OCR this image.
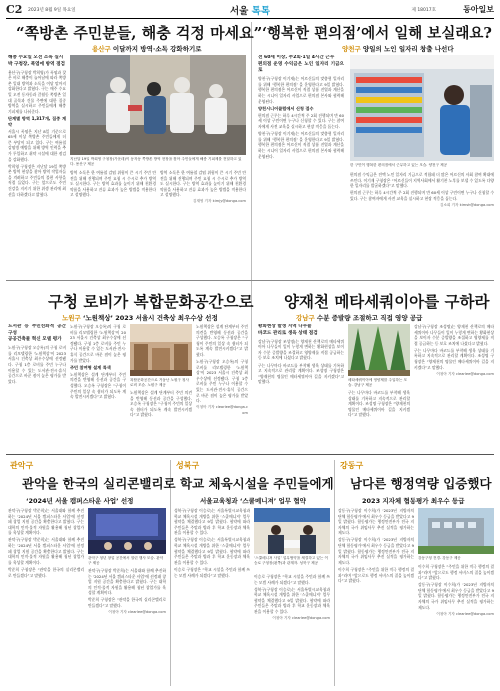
C2 2023년 8월 9일 목요일	서울 톡톡	제 18017호	동아일보
“쪽방촌 주민분들, 해충 걱정 마세요”
용산구 이달까지 방역·소독 강화하기로

해충 수요일 오전 소독 실시
박 구청장, 폭염에 방역 점검

용산구(구청장 박희영)가 폭염과 잦은 비로 해충이 늘어남에 따라 쪽방촌 일대 방역과 소독을 이달 말까지 강화한다고 밝혔다. 구는 매주 수요일 오전 동자동과 갈월동 쪽방촌 일대 골목과 건물 주변에 대한 집중 방역을 실시하고 주민들에게 해충 기피제를 나눠준다.

단계별 방역 1,317개, 집중 계약

서울시 폭염은 지난 8일 기준으로 65세 이상 쪽방촌 주민들에게 더 큰 부담이 되고 있다. 구는 여름철 감염병 예방을 위해 방역 인력을 추가 투입하고 취약 시설에 대한 점검을 강화했다.

박희영 구청장은 지난달 19일 쪽방촌 방역 현장을 찾아 방역 작업자들을 격려하고 주민들의 불편 사항을 직접 들었다. 구는 앞으로도 주민 건강을 지키기 위한 위생 관리에 최선을 다하겠다고 밝혔다.

지난달 19일 박희영 구청장(가운데)이 동자동 쪽방촌 방역 현장을 찾아 주민들에게 해충 기피제를 전달하고 있다. 용산구 제공

방역 소독은 한 여름철 감염 위험이 큰 시기 주민 안전을 위해 진행되며 주민 요청 시 수시로 추가 방역도 실시한다. 구는 방역 효과를 높이기 위해 친환경 약품을 사용하고 잔류 효과가 높은 방법을 적용한다고 설명했다.

방역 소독은 한 여름철 감염 위험이 큰 시기 주민 안전을 위해 진행되며 주민 요청 시 수시로 추가 방역도 실시한다. 구는 방역 효과를 높이기 위해 친환경 약품을 사용하고 잔류 효과가 높은 방법을 적용한다고 설명했다.

김재영 기자 kimjy@donga.com

‘행복한 편의점’에서 일해 보실래요?
양천구 양일의 노인 일자리 창출 나선다

전 60세 이상, 주2회·1일 4시간 근무
편의점 운영 수익금은 노인 일자리 기금으로

양천구(구청장 이기재)는 어르신들의 맞춤형 일자리를 위해 ‘행복한 편의점’ 을 운영한다고 9일 밝혔다. 행복한 편의점은 어르신이 직접 상품 진열과 계산을 하는 시니어 일자리 사업으로 편의점 본사와 협력해 운영된다.

양천시니어클럽에서 신청 접수

편의점 근무는 하루 4시간씩 주 2회 진행되며 만 60세 이상 구민이면 누구나 신청할 수 있다. 구는 참여자에게 사전 교육을 실시하고 현장 적응을 돕는다.

양천구(구청장 이기재)는 어르신들의 맞춤형 일자리를 위해 ‘행복한 편의점’ 을 운영한다고 9일 밝혔다. 행복한 편의점은 어르신이 직접 상품 진열과 계산을 하는 시니어 일자리 사업으로 편의점 본사와 협력해 운영된다.

한 구민이 행복한 편의점에서 근무하고 있는 모습. 양천구 제공

편의점 수익금은 전액 노인 일자리 기금으로 적립돼 더 많은 어르신의 사회 참여 확대에 쓰인다. 이기재 구청장은 “어르신들이 지역사회에서 활기찬 노후를 보낼 수 있도록 다양한 일자리를 발굴하겠다”고 말했다.

편의점 근무는 하루 4시간씩 주 2회 진행되며 만 60세 이상 구민이면 누구나 신청할 수 있다. 구는 참여자에게 사전 교육을 실시하고 현장 적응을 돕는다.

김소희 기자 kimsh@donga.com

구청 로비가 복합문화공간으로
노원구 ‘노원책상’ 2023 서울시 건축상 최우수상 선정

드서관 등 주민친화적 공간 구성
공공건축물 혁신 모델 평가

노원구(구청장 오승록)의 구청 로비를 리모델링한 ‘노원책상’이 2023 서울시 건축상 최우수상에 선정됐다. 구청 1층 로비를 주민 누구나 이용할 수 있는 도서관·전시·휴식 공간으로 바꾼 점이 높은 평가를 받았다.

노원구(구청장 오승록)의 구청 로비를 리모델링한 ‘노원책상’이 2023 서울시 건축상 최우수상에 선정됐다. 구청 1층 로비를 주민 누구나 이용할 수 있는 도서관·전시·휴식 공간으로 바꾼 점이 높은 평가를 받았다.

주민 참여형 설계 특색

노원책상은 설계 단계부터 주민 의견을 반영해 동선과 공간을 구성했다. 오승록 구청장은 “구청이 주민의 일상 속 쉼터가 되도록 계속 발전시키겠다”고 밝혔다.

복합문화공간으로 거듭난 노원구 청사 로비 모습. 노원구 제공

노원책상은 설계 단계부터 주민 의견을 반영해 동선과 공간을 구성했다. 오승록 구청장은 “구청이 주민의 일상 속 쉼터가 되도록 계속 발전시키겠다”고 밝혔다.

노원구(구청장 오승록)의 구청 로비를 리모델링한 ‘노원책상’이 2023 서울시 건축상 최우수상에 선정됐다. 구청 1층 로비를 주민 누구나 이용할 수 있는 도서관·전시·휴식 공간으로 바꾼 점이 높은 평가를 받았다.

이청아 기자 clearlee@donga.com

노원책상은 설계 단계부터 주민 의견을 반영해 동선과 공간을 구성했다. 오승록 구청장은 “구청이 주민의 일상 속 쉼터가 되도록 계속 발전시키겠다”고 밝혔다.

양재천 메타세쿼이아를 구하라
강남구 수분 증발량 조절하고 직접 영양 공급

황화현상 발생 지역 나무들
바코드 관리로 생육 상태 점검

강남구(구청장 조성명)는 양재천 산책로의 메타세쿼이아 나무들이 잎이 누렇게 변하는 황화현상을 보이자 수분 증발량을 조절하고 영양제를 직접 공급하는 등 보호 조치에 나섰다고 밝혔다.

구는 나무마다 바코드를 부착해 생육 상태를 기록하고 지속적으로 관리할 계획이다. 조성명 구청장은 “양재천의 명물인 메타세쿼이아 길을 지키겠다”고 말했다.	메타세쿼이아에 영양제를 주입하는 모습. 강남구 제공

구는 나무마다 바코드를 부착해 생육 상태를 기록하고 지속적으로 관리할 계획이다. 조성명 구청장은 “양재천의 명물인 메타세쿼이아 길을 지키겠다”고 말했다.

강남구(구청장 조성명)는 양재천 산책로의 메타세쿼이아 나무들이 잎이 누렇게 변하는 황화현상을 보이자 수분 증발량을 조절하고 영양제를 직접 공급하는 등 보호 조치에 나섰다고 밝혔다.

구는 나무마다 바코드를 부착해 생육 상태를 기록하고 지속적으로 관리할 계획이다. 조성명 구청장은 “양재천의 명물인 메타세쿼이아 길을 지키겠다”고 말했다.

이청아 기자 clearlee@donga.com

관악구
관악을 한국의 실리콘밸리로
‘2024년 서울 캠퍼스타운 사업’ 선정

관악구(구청장 박준희)는 서울대와 함께 추진하는 ‘2024년 서울 캠퍼스타운 사업’에 선정돼 창업 지원 공간을 확충한다고 밝혔다. 구는 대학의 인적·물적 자원을 활용해 청년 창업가를 육성할 계획이다.

관악구(구청장 박준희)는 서울대와 함께 추진하는 ‘2024년 서울 캠퍼스타운 사업’에 선정돼 창업 지원 공간을 확충한다고 밝혔다. 구는 대학의 인적·물적 자원을 활용해 청년 창업가를 육성할 계획이다.

박준희 구청장은 “관악을 한국의 실리콘밸리로 만들겠다”고 말했다.

관악구 청년 창업 공간에서 열린 행사 모습. 관악구 제공

관악구(구청장 박준희)는 서울대와 함께 추진하는 ‘2024년 서울 캠퍼스타운 사업’에 선정돼 창업 지원 공간을 확충한다고 밝혔다. 구는 대학의 인적·물적 자원을 활용해 청년 창업가를 육성할 계획이다.

박준희 구청장은 “관악을 한국의 실리콘밸리로 만들겠다”고 말했다.

이청아 기자 clearlee@donga.com

성북구
학교 체육시설을 주민들에게
서울교육청과 ‘스쿨메니져’ 업무 협약

성북구(구청장 이승로)는 서울특별시교육청과 학교 체육시설 개방을 위한 ‘스쿨메니져’ 업무 협약을 체결했다고 9일 밝혔다. 협약에 따라 주민들은 주말과 방과 후 학교 운동장과 체육관을 이용할 수 있다.

성북구(구청장 이승로)는 서울특별시교육청과 학교 체육시설 개방을 위한 ‘스쿨메니져’ 업무 협약을 체결했다고 9일 밝혔다. 협약에 따라 주민들은 주말과 방과 후 학교 운동장과 체육관을 이용할 수 있다.

이승로 구청장은 “학교 시설을 주민과 함께 쓰는 모범 사례가 되겠다”고 말했다.

‘스쿨메니져 사업’ 업무협약을 체결하고 있는 이승로 구청장(왼쪽)과 관계자. 성북구 제공

이승로 구청장은 “학교 시설을 주민과 함께 쓰는 모범 사례가 되겠다”고 말했다.

성북구(구청장 이승로)는 서울특별시교육청과 학교 체육시설 개방을 위한 ‘스쿨메니져’ 업무 협약을 체결했다고 9일 밝혔다. 협약에 따라 주민들은 주말과 방과 후 학교 운동장과 체육관을 이용할 수 있다.

이청아 기자 clearlee@donga.com

강동구
남다른 행정역량 입증했다
2023 지자체 협동평가 최우수 등급

강동구(구청장 이수희)가 ‘2023년 지방자치단체 합동평가’에서 최우수 등급을 받았다고 9일 밝혔다. 합동평가는 행정안전부가 전국 지자체의 국가 위임사무 추진 실적을 평가하는 제도다.

강동구(구청장 이수희)가 ‘2023년 지방자치단체 합동평가’에서 최우수 등급을 받았다고 9일 밝혔다. 합동평가는 행정안전부가 전국 지자체의 국가 위임사무 추진 실적을 평가하는 제도다.

이수희 구청장은 “주민을 위한 적극 행정의 결과”라며 “앞으로도 행정 서비스의 질을 높이겠다”고 밝혔다.

강동구청 전경. 강동구 제공

이수희 구청장은 “주민을 위한 적극 행정의 결과”라며 “앞으로도 행정 서비스의 질을 높이겠다”고 밝혔다.

강동구(구청장 이수희)가 ‘2023년 지방자치단체 합동평가’에서 최우수 등급을 받았다고 9일 밝혔다. 합동평가는 행정안전부가 전국 지자체의 국가 위임사무 추진 실적을 평가하는 제도다.

이청아 기자 clearlee@donga.com
